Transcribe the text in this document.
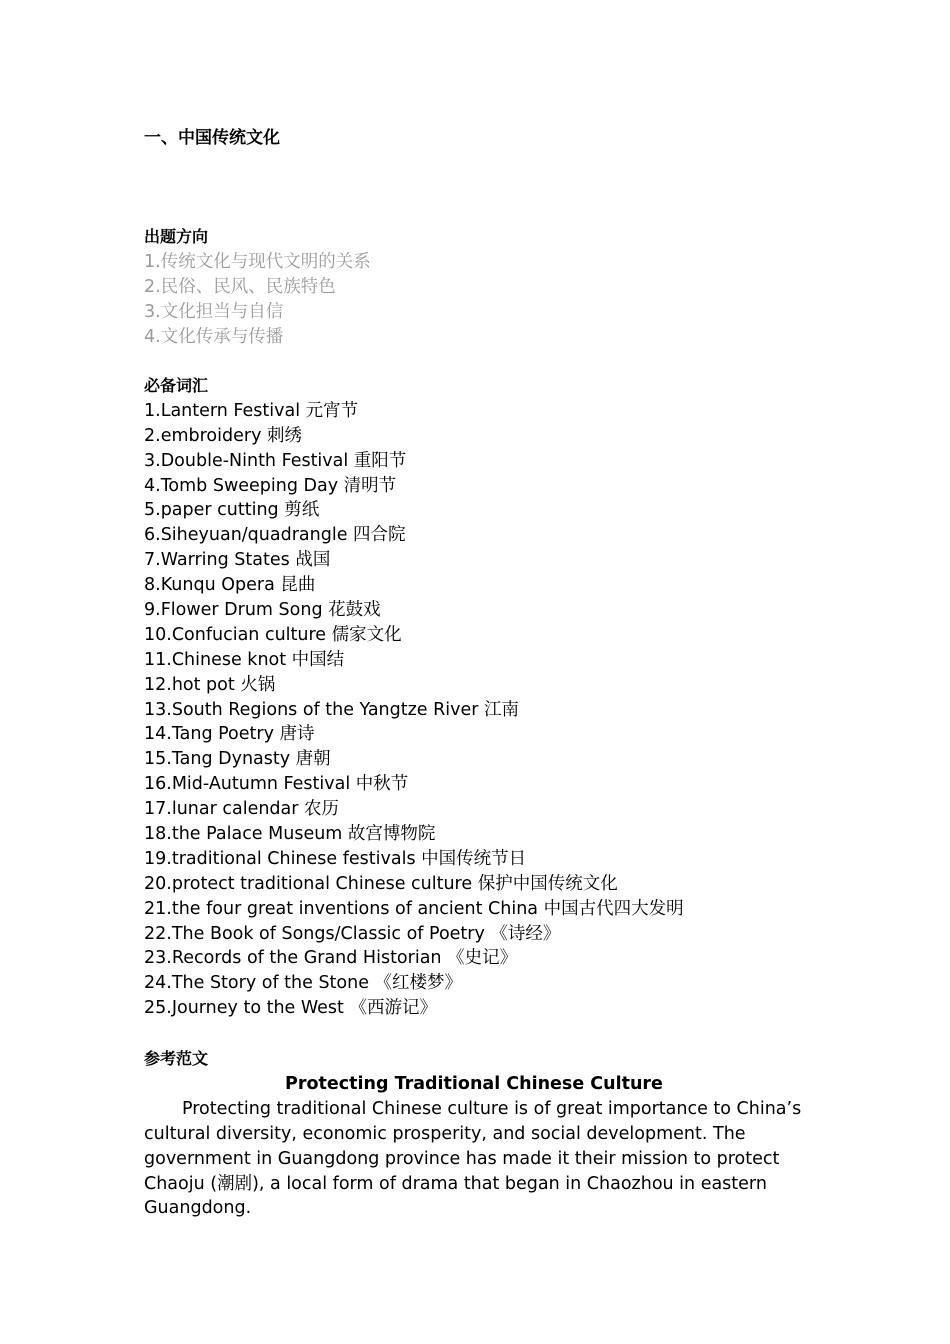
一、中国传统文化
出题方向
1.传统文化与现代文明的关系
2.民俗、民风、民族特色
3.文化担当与自信
4.文化传承与传播
必备词汇
1.Lantern Festival 元宵节
2.embroidery 刺绣
3.Double-Ninth Festival 重阳节
4.Tomb Sweeping Day 清明节
5.paper cutting 剪纸
6.Siheyuan/quadrangle 四合院
7.Warring States 战国
8.Kunqu Opera 昆曲
9.Flower Drum Song 花鼓戏
10.Confucian culture 儒家文化
11.Chinese knot 中国结
12.hot pot 火锅
13.South Regions of the Yangtze River 江南
14.Tang Poetry 唐诗
15.Tang Dynasty 唐朝
16.Mid-Autumn Festival 中秋节
17.lunar calendar 农历
18.the Palace Museum 故宫博物院
19.traditional Chinese festivals 中国传统节日
20.protect traditional Chinese culture 保护中国传统文化
21.the four great inventions of ancient China 中国古代四大发明
22.The Book of Songs/Classic of Poetry 《诗经》
23.Records of the Grand Historian 《史记》
24.The Story of the Stone 《红楼梦》
25.Journey to the West 《西游记》
参考范文
Protecting Traditional Chinese Culture

Protecting traditional Chinese culture is of great importance to China’s cultural diversity, economic prosperity, and social development. The government in Guangdong province has made it their mission to protect Chaoju (潮剧), a local form of drama that began in Chaozhou in eastern Guangdong.
